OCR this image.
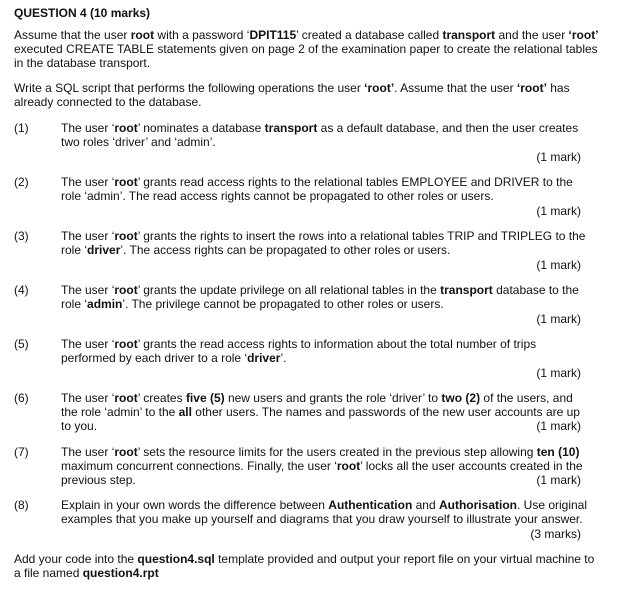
QUESTION 4 (10 marks)
Assume that the user root with a password ‘DPIT115’ created a database called transport and the user ‘root’ executed CREATE TABLE statements given on page 2 of the examination paper to create the relational tables in the database transport.
Write a SQL script that performs the following operations the user ‘root’. Assume that the user ‘root’ has already connected to the database.
(1)	The user ‘root’ nominates a database transport as a default database, and then the user creates two roles ‘driver’ and ‘admin’.
(1 mark)
(2)	The user ‘root’ grants read access rights to the relational tables EMPLOYEE and DRIVER to the role ‘admin’. The read access rights cannot be propagated to other roles or users.
(1 mark)
(3)	The user ‘root’ grants the rights to insert the rows into a relational tables TRIP and TRIPLEG to the role ‘driver’. The access rights can be propagated to other roles or users.
(1 mark)
(4)	The user ‘root’ grants the update privilege on all relational tables in the transport database to the role ‘admin’. The privilege cannot be propagated to other roles or users.
(1 mark)
(5)	The user ‘root’ grants the read access rights to information about the total number of trips performed by each driver to a role ‘driver’.
(1 mark)
(6)	The user ‘root’ creates five (5) new users and grants the role ‘driver’ to two (2) of the users, and the role ‘admin’ to the all other users. The names and passwords of the new user accounts are up to you.	(1 mark)
(7)	The user ‘root’ sets the resource limits for the users created in the previous step allowing ten (10) maximum concurrent connections. Finally, the user ‘root’ locks all the user accounts created in the previous step.	(1 mark)
(8)	Explain in your own words the difference between Authentication and Authorisation. Use original examples that you make up yourself and diagrams that you draw yourself to illustrate your answer.
(3 marks)
Add your code into the question4.sql template provided and output your report file on your virtual machine to a file named question4.rpt
